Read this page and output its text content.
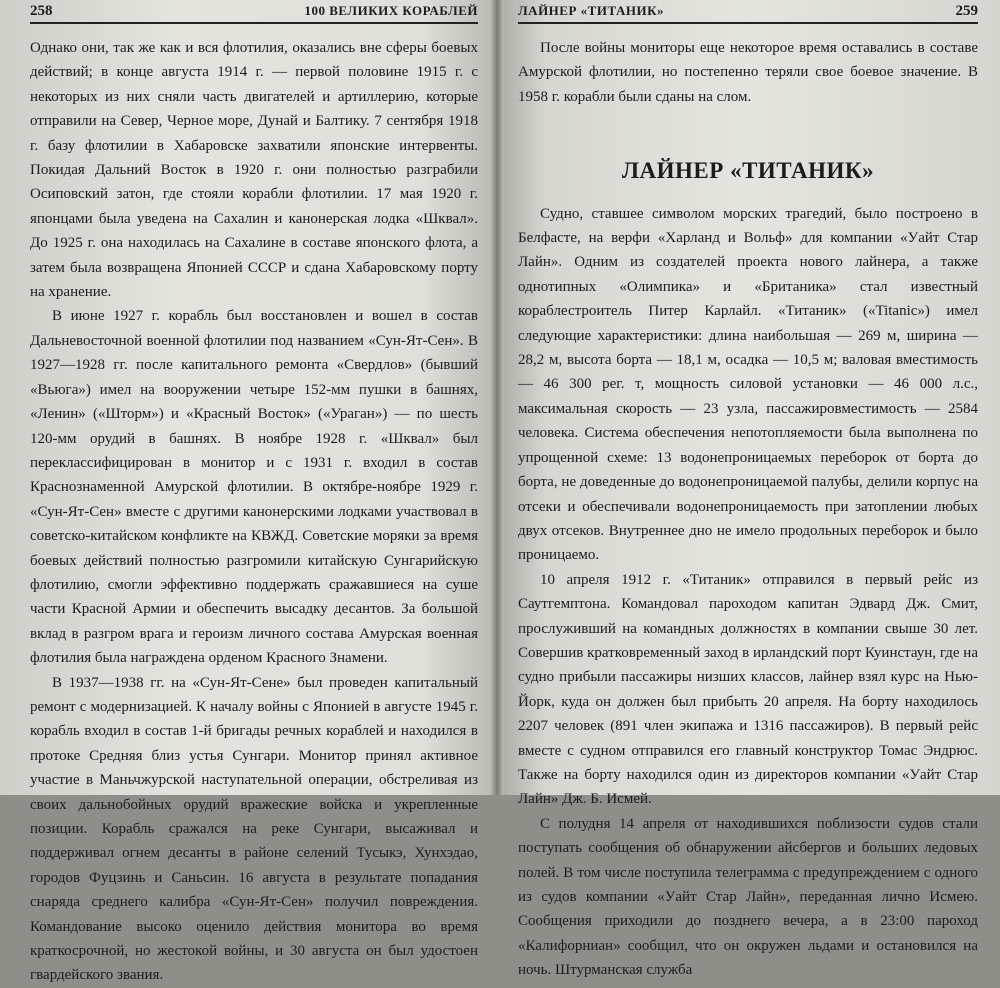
258	100 ВЕЛИКИХ КОРАБЛЕЙ

Однако они, так же как и вся флотилия, оказались вне сферы боевых действий; в конце августа 1914 г. — первой половине 1915 г. с некоторых из них сняли часть двигателей и артиллерию, которые отправили на Север, Черное море, Дунай и Балтику. 7 сентября 1918 г. базу флотилии в Хабаровске захватили японские интервенты. Покидая Дальний Восток в 1920 г. они полностью разграбили Осиповский затон, где стояли корабли флотилии. 17 мая 1920 г. японцами была уведена на Сахалин и канонерская лодка «Шквал». До 1925 г. она находилась на Сахалине в составе японского флота, а затем была возвращена Японией СССР и сдана Хабаровскому порту на хранение.

В июне 1927 г. корабль был восстановлен и вошел в состав Дальневосточной военной флотилии под названием «Сун-Ят-Сен». В 1927—1928 гг. после капитального ремонта «Свердлов» (бывший «Вьюга») имел на вооружении четыре 152-мм пушки в башнях, «Ленин» («Шторм») и «Красный Восток» («Ураган») — по шесть 120-мм орудий в башнях. В ноябре 1928 г. «Шквал» был переклассифицирован в монитор и с 1931 г. входил в состав Краснознаменной Амурской флотилии. В октябре-ноябре 1929 г. «Сун-Ят-Сен» вместе с другими канонерскими лодками участвовал в советско-китайском конфликте на КВЖД. Советские моряки за время боевых действий полностью разгромили китайскую Сунгарийскую флотилию, смогли эффективно поддержать сражавшиеся на суше части Красной Армии и обеспечить высадку десантов. За большой вклад в разгром врага и героизм личного состава Амурская военная флотилия была награждена орденом Красного Знамени.

В 1937—1938 гг. на «Сун-Ят-Сене» был проведен капитальный ремонт с модернизацией. К началу войны с Японией в августе 1945 г. корабль входил в состав 1-й бригады речных кораблей и находился в протоке Средняя близ устья Сунгари. Монитор принял активное участие в Маньчжурской наступательной операции, обстреливая из своих дальнобойных орудий вражеские войска и укрепленные позиции. Корабль сражался на реке Сунгари, высаживал и поддерживал огнем десанты в районе селений Тусыкэ, Хунхэдао, городов Фуцзинь и Саньсин. 16 августа в результате попадания снаряда среднего калибра «Сун-Ят-Сен» получил повреждения. Командование высоко оценило действия монитора во время краткосрочной, но жестокой войны, и 30 августа он был удостоен гвардейского звания.

ЛАЙНЕР «ТИТАНИК»	259

После войны мониторы еще некоторое время оставались в составе Амурской флотилии, но постепенно теряли свое боевое значение. В 1958 г. корабли были сданы на слом.

ЛАЙНЕР «ТИТАНИК»

Судно, ставшее символом морских трагедий, было построено в Белфасте, на верфи «Харланд и Вольф» для компании «Уайт Стар Лайн». Одним из создателей проекта нового лайнера, а также однотипных «Олимпика» и «Британика» стал известный кораблестроитель Питер Карлайл. «Титаник» («Titanic») имел следующие характеристики: длина наибольшая — 269 м, ширина — 28,2 м, высота борта — 18,1 м, осадка — 10,5 м; валовая вместимость — 46 300 рег. т, мощность силовой установки — 46 000 л.с., максимальная скорость — 23 узла, пассажировместимость — 2584 человека. Система обеспечения непотопляемости была выполнена по упрощенной схеме: 13 водонепроницаемых переборок от борта до борта, не доведенные до водонепроницаемой палубы, делили корпус на отсеки и обеспечивали водонепроницаемость при затоплении любых двух отсеков. Внутреннее дно не имело продольных переборок и было проницаемо.

10 апреля 1912 г. «Титаник» отправился в первый рейс из Саутгемптона. Командовал пароходом капитан Эдвард Дж. Смит, прослуживший на командных должностях в компании свыше 30 лет. Совершив кратковременный заход в ирландский порт Куинстаун, где на судно прибыли пассажиры низших классов, лайнер взял курс на Нью-Йорк, куда он должен был прибыть 20 апреля. На борту находилось 2207 человек (891 член экипажа и 1316 пассажиров). В первый рейс вместе с судном отправился его главный конструктор Томас Эндрюс. Также на борту находился один из директоров компании «Уайт Стар Лайн» Дж. Б. Исмей.

С полудня 14 апреля от находившихся поблизости судов стали поступать сообщения об обнаружении айсбергов и больших ледовых полей. В том числе поступила телеграмма с предупреждением с одного из судов компании «Уайт Стар Лайн», переданная лично Исмею. Сообщения приходили до позднего вечера, а в 23:00 пароход «Калифорниан» сообщил, что он окружен льдами и остановился на ночь. Штурманская служба
